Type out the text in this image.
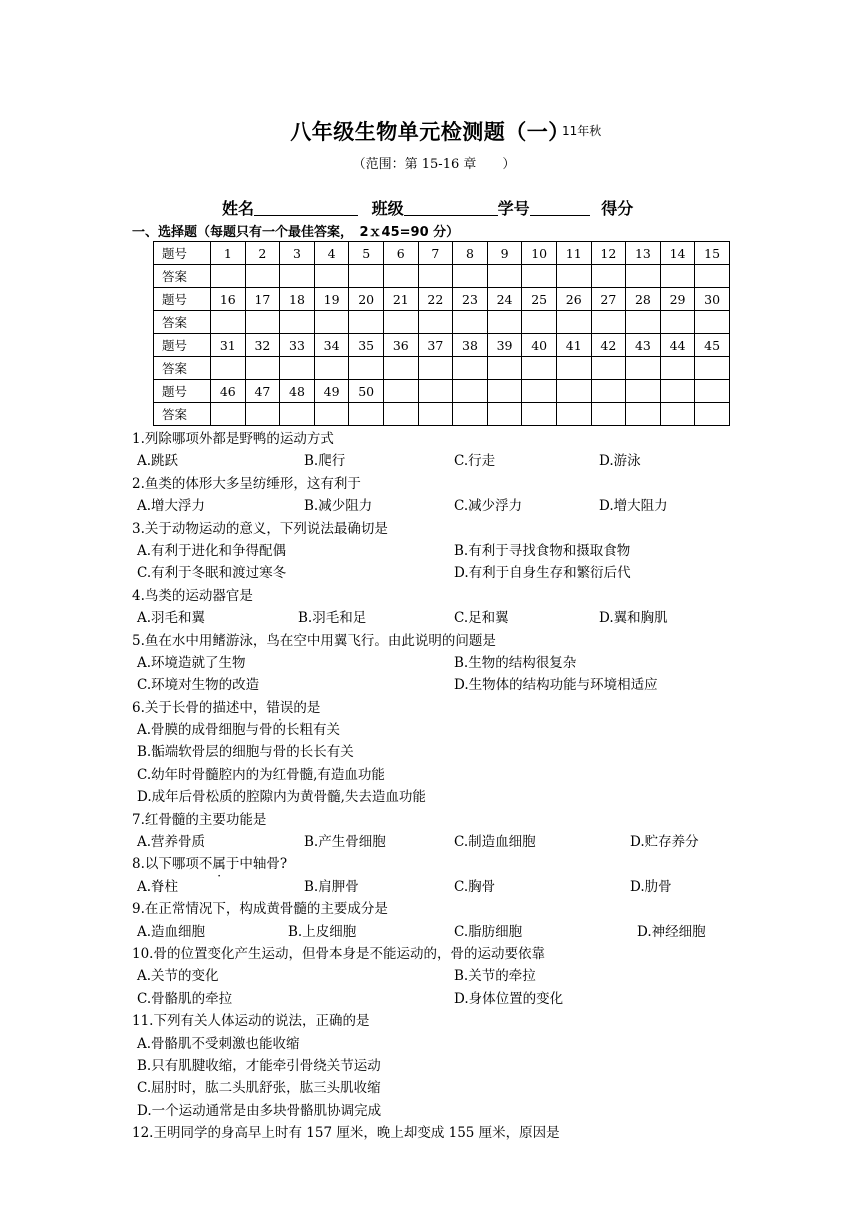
八年级生物单元检测题（一）
11年秋
（范围：第 15-16 章　　）
姓名	班级	学号	得分
一、选择题（每题只有一个最佳答案，　2ｘ45=90 分）
题号	1	2	3	4	5	6	7	8	9	10	11	12	13	14	15
答案															
题号	16	17	18	19	20	21	22	23	24	25	26	27	28	29	30
答案															
题号	31	32	33	34	35	36	37	38	39	40	41	42	43	44	45
答案															
题号	46	47	48	49	50										
答案															
1.列除哪项外都是野鸭的运动方式
A.跳跃	B.爬行	C.行走	D.游泳
2.鱼类的体形大多呈纺缍形，这有利于
A.增大浮力	B.减少阻力	C.减少浮力	D.增大阻力
3.关于动物运动的意义，下列说法最确切是
A.有利于进化和争得配偶	B.有利于寻找食物和摄取食物
C.有利于冬眠和渡过寒冬	D.有利于自身生存和繁衍后代
4.鸟类的运动器官是
A.羽毛和翼	B.羽毛和足	C.足和翼	D.翼和胸肌
5.鱼在水中用鳍游泳，鸟在空中用翼飞行。由此说明的问题是
A.环境造就了生物	B.生物的结构很复杂
C.环境对生物的改造	D.生物体的结构功能与环境相适应
6.关于长骨的描述中，错误的是
A.骨膜的成骨细胞与骨的长粗有关
B.骺端软骨层的细胞与骨的长长有关
C.幼年时骨髓腔内的为红骨髓,有造血功能
D.成年后骨松质的腔隙内为黄骨髓,失去造血功能
7.红骨髓的主要功能是
A.营养骨质	B.产生骨细胞	C.制造血细胞	D.贮存养分
8.以下哪项不属于中轴骨?
A.脊柱	B.肩胛骨	C.胸骨	D.肋骨
9.在正常情况下，构成黄骨髓的主要成分是
A.造血细胞	B.上皮细胞	C.脂肪细胞	D.神经细胞
10.骨的位置变化产生运动，但骨本身是不能运动的，骨的运动要依靠
A.关节的变化	B.关节的牵拉
C.骨骼肌的牵拉	D.身体位置的变化
11.下列有关人体运动的说法，正确的是
A.骨骼肌不受刺激也能收缩
B.只有肌腱收缩，才能牵引骨绕关节运动
C.屈肘时，肱二头肌舒张，肱三头肌收缩
D.一个运动通常是由多块骨骼肌协调完成
12.王明同学的身高早上时有 157 厘米，晚上却变成 155 厘米，原因是
